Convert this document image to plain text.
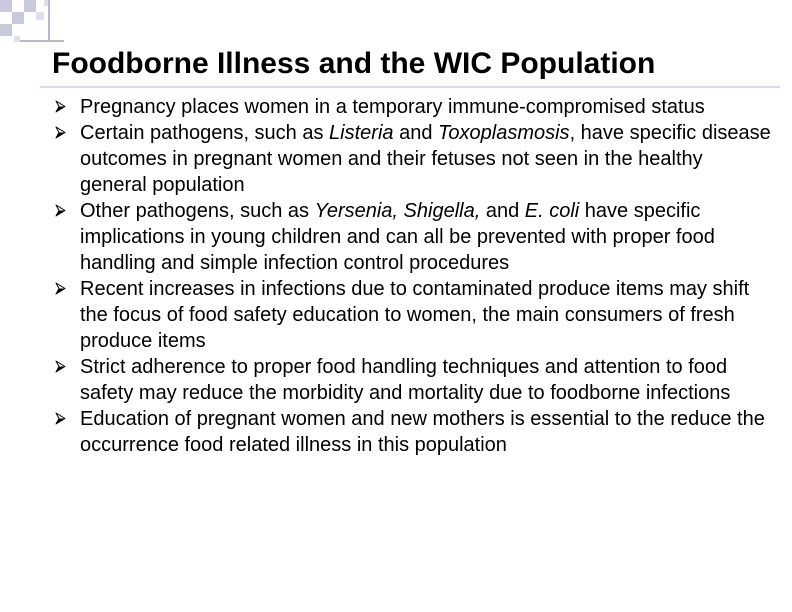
Foodborne Illness and the WIC Population
Pregnancy places women in a temporary immune-compromised status
Certain pathogens, such as Listeria and Toxoplasmosis, have specific disease outcomes in pregnant women and their fetuses not seen in the healthy general population
Other pathogens, such as Yersenia, Shigella, and E. coli have specific implications in young children and can all be prevented with proper food handling and simple infection control procedures
Recent increases in infections due to contaminated produce items may shift the focus of food safety education to women, the main consumers of fresh produce items
Strict adherence to proper food handling techniques and attention to food safety may reduce the morbidity and mortality due to foodborne infections
Education of pregnant women and new mothers is essential to the reduce the occurrence food related illness in this population
